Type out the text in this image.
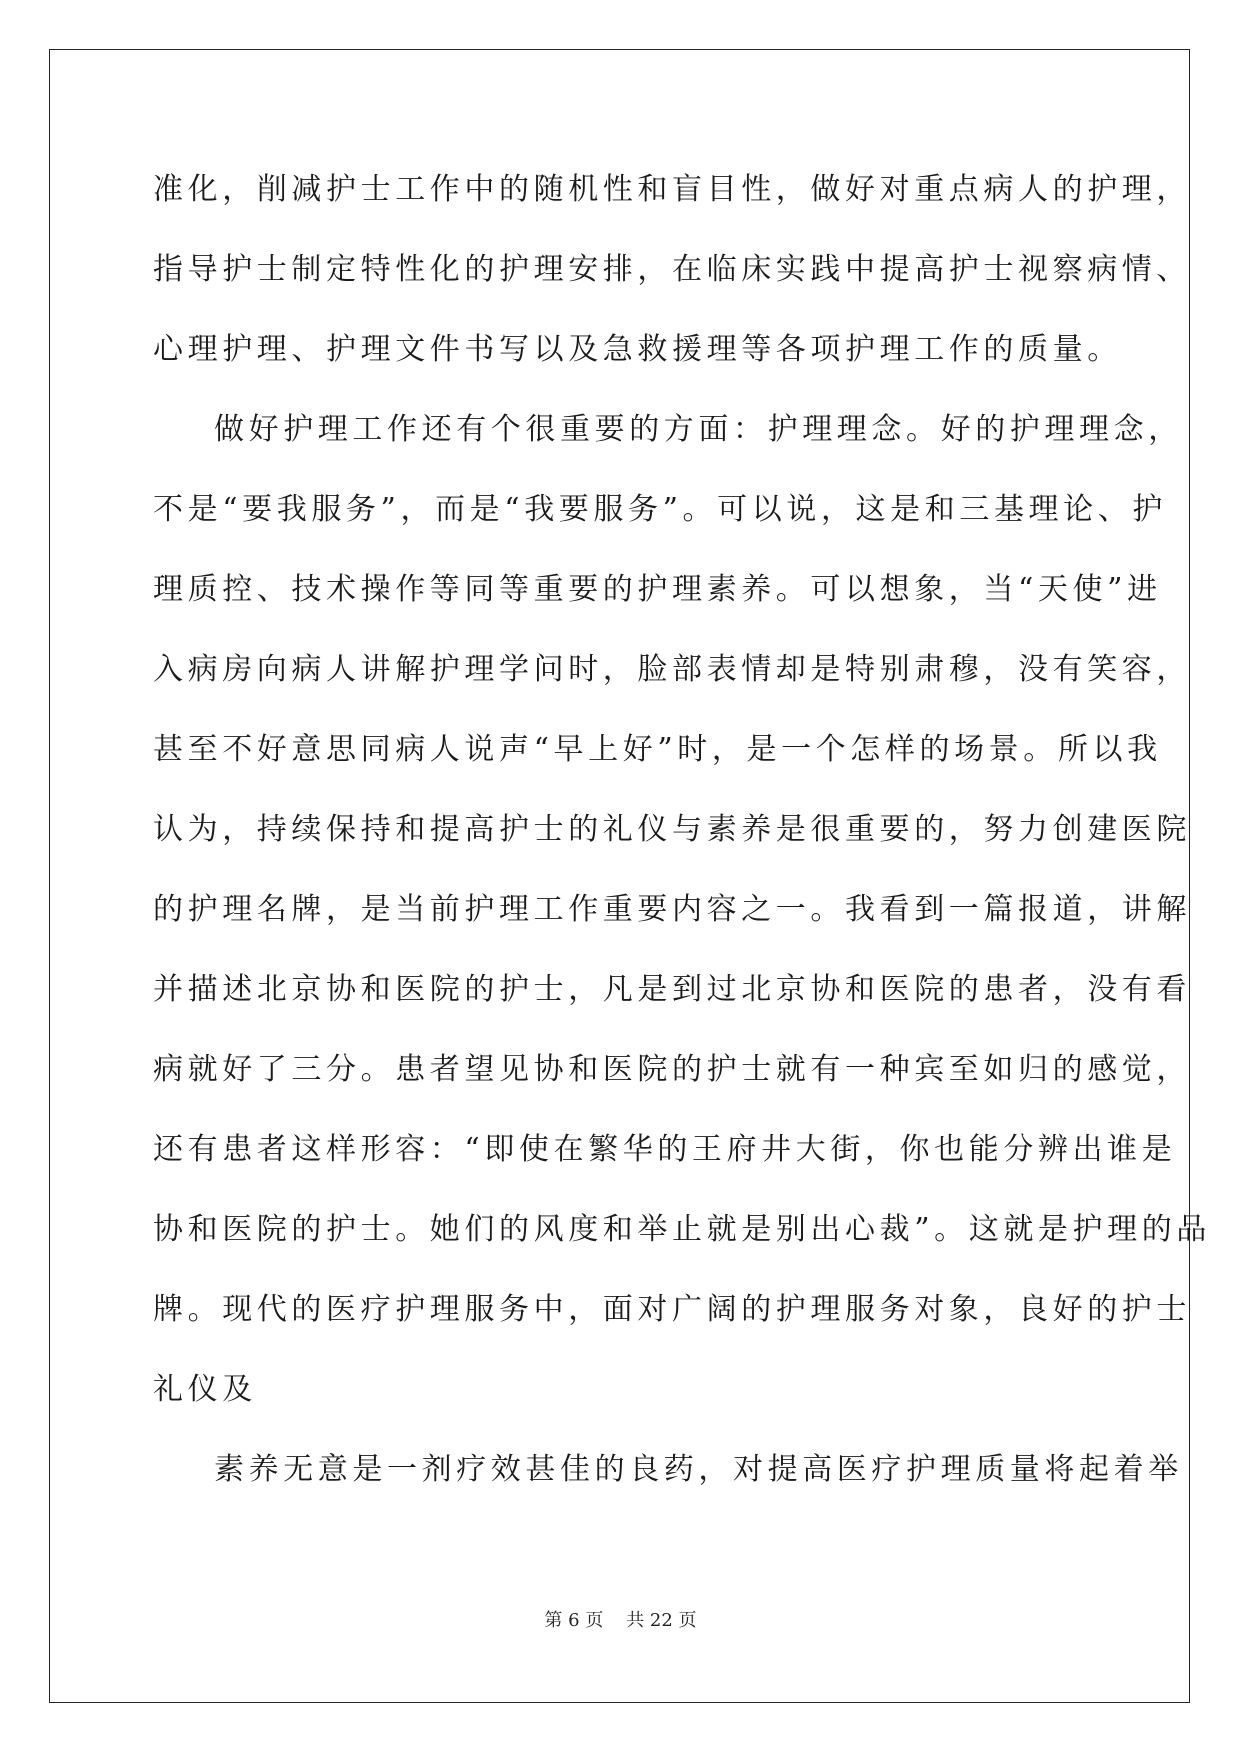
准化，削减护士工作中的随机性和盲目性，做好对重点病人的护理，
指导护士制定特性化的护理安排，在临床实践中提高护士视察病情、
心理护理、护理文件书写以及急救援理等各项护理工作的质量。
做好护理工作还有个很重要的方面：护理理念。好的护理理念，
不是“要我服务”，而是“我要服务”。可以说，这是和三基理论、护
理质控、技术操作等同等重要的护理素养。可以想象，当“天使”进
入病房向病人讲解护理学问时，脸部表情却是特别肃穆，没有笑容，
甚至不好意思同病人说声“早上好”时，是一个怎样的场景。所以我
认为，持续保持和提高护士的礼仪与素养是很重要的，努力创建医院
的护理名牌，是当前护理工作重要内容之一。我看到一篇报道，讲解
并描述北京协和医院的护士，凡是到过北京协和医院的患者，没有看
病就好了三分。患者望见协和医院的护士就有一种宾至如归的感觉，
还有患者这样形容：“即使在繁华的王府井大街，你也能分辨出谁是
协和医院的护士。她们的风度和举止就是别出心裁”。这就是护理的品
牌。现代的医疗护理服务中，面对广阔的护理服务对象，良好的护士
礼仪及
素养无意是一剂疗效甚佳的良药，对提高医疗护理质量将起着举
第 6 页    共 22 页
